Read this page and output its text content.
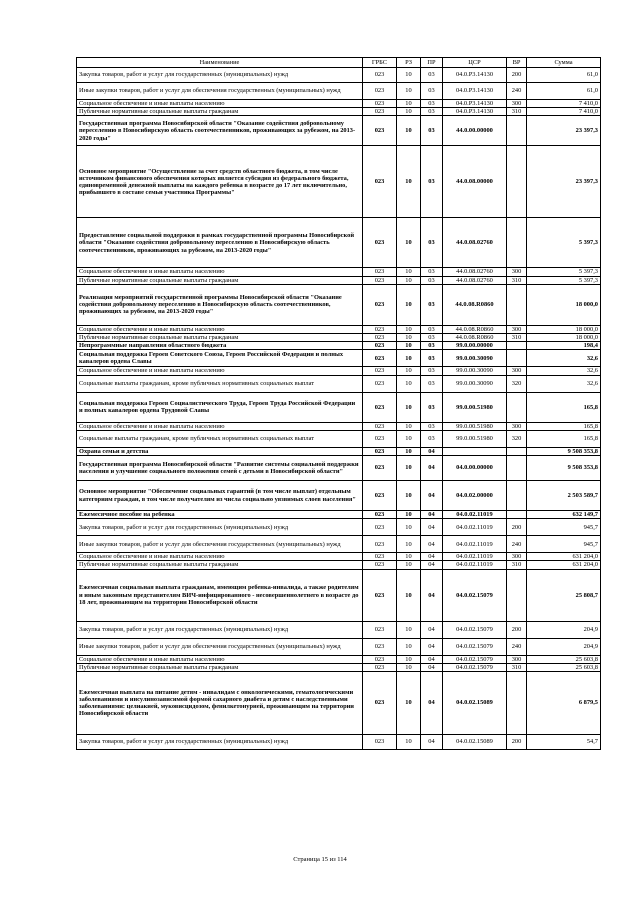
Наименование	ГРБС	РЗ	ПР	ЦСР	ВР	Сумма
Закупка товаров, работ и услуг для государственных (муниципальных) нужд	023	10	03	04.0.P3.14130	200	61,0
Иные закупки товаров, работ и услуг для обеспечения государственных (муниципальных) нужд	023	10	03	04.0.P3.14130	240	61,0
Социальное обеспечение и иные выплаты населению	023	10	03	04.0.P3.14130	300	7 410,0
Публичные нормативные социальные выплаты гражданам	023	10	03	04.0.P3.14130	310	7 410,0
Государственная программа Новосибирской области "Оказание содействия добровольному переселению в Новосибирскую область соотечественников, проживающих за рубежом, на 2013-2020 годы"	023	10	03	44.0.00.00000		23 397,3
Основное мероприятие "Осуществление за счет средств областного бюджета, в том числе источником финансового обеспечения которых является субсидия из федерального бюджета, единовременной денежной выплаты на каждого ребенка в возрасте до 17 лет включительно, прибывшего в составе семьи участника Программы"	023	10	03	44.0.08.00000		23 397,3
Предоставление социальной поддержки в рамках государственной программы Новосибирской области "Оказание содействия добровольному переселению в Новосибирскую область соотечественников, проживающих за рубежом, на 2013-2020 годы"	023	10	03	44.0.08.02760		5 397,3
Социальное обеспечение и иные выплаты населению	023	10	03	44.0.08.02760	300	5 397,3
Публичные нормативные социальные выплаты гражданам	023	10	03	44.0.08.02760	310	5 397,3
Реализация мероприятий государственной программы Новосибирской области "Оказание содействия добровольному переселению в Новосибирскую область соотечественников, проживающих за рубежом, на 2013-2020 годы"	023	10	03	44.0.08.R0860		18 000,0
Социальное обеспечение и иные выплаты населению	023	10	03	44.0.08.R0860	300	18 000,0
Публичные нормативные социальные выплаты гражданам	023	10	03	44.0.08.R0860	310	18 000,0
Непрограммные направления областного бюджета	023	10	03	99.0.00.00000		198,4
Социальная поддержка Героев Советского Союза, Героев Российской Федерации и полных кавалеров ордена Славы	023	10	03	99.0.00.30090		32,6
Социальное обеспечение и иные выплаты населению	023	10	03	99.0.00.30090	300	32,6
Социальные выплаты гражданам, кроме публичных нормативных социальных выплат	023	10	03	99.0.00.30090	320	32,6
Социальная поддержка Героев Социалистического Труда, Героев Труда Российской Федерации и полных кавалеров ордена Трудовой Славы	023	10	03	99.0.00.51980		165,8
Социальное обеспечение и иные выплаты населению	023	10	03	99.0.00.51980	300	165,8
Социальные выплаты гражданам, кроме публичных нормативных социальных выплат	023	10	03	99.0.00.51980	320	165,8
Охрана семьи и детства	023	10	04			9 508 353,8
Государственная программа Новосибирской области "Развитие системы социальной поддержки населения и улучшение социального положения семей с детьми в Новосибирской области"	023	10	04	04.0.00.00000		9 508 353,8
Основное мероприятие "Обеспечение социальных гарантий (в том числе выплат) отдельным категориям граждан, в том числе получателям из числа социально уязвимых слоев населения"	023	10	04	04.0.02.00000		2 503 589,7
Ежемесячное пособие на ребенка	023	10	04	04.0.02.11019		632 149,7
Закупка товаров, работ и услуг для государственных (муниципальных) нужд	023	10	04	04.0.02.11019	200	945,7
Иные закупки товаров, работ и услуг для обеспечения государственных (муниципальных) нужд	023	10	04	04.0.02.11019	240	945,7
Социальное обеспечение и иные выплаты населению	023	10	04	04.0.02.11019	300	631 204,0
Публичные нормативные социальные выплаты гражданам	023	10	04	04.0.02.11019	310	631 204,0
Ежемесячная социальная выплата гражданам, имеющим ребенка-инвалида, а также родителям и иным законным представителям ВИЧ-инфицированного - несовершеннолетнего в возрасте до 18 лет, проживающим на территории Новосибирской области	023	10	04	04.0.02.15079		25 808,7
Закупка товаров, работ и услуг для государственных (муниципальных) нужд	023	10	04	04.0.02.15079	200	204,9
Иные закупки товаров, работ и услуг для обеспечения государственных (муниципальных) нужд	023	10	04	04.0.02.15079	240	204,9
Социальное обеспечение и иные выплаты населению	023	10	04	04.0.02.15079	300	25 603,8
Публичные нормативные социальные выплаты гражданам	023	10	04	04.0.02.15079	310	25 603,8
Ежемесячная выплата на питание детям - инвалидам с онкологическими, гематологическими заболеваниями и инсулинозависимой формой сахарного диабета и детям с наследственными заболеваниями: целиакией, муковисцидозом, фенилкетонурией, проживающим на территории Новосибирской области	023	10	04	04.0.02.15089		6 879,5
Закупка товаров, работ и услуг для государственных (муниципальных) нужд	023	10	04	04.0.02.15089	200	54,7
Страница 15 из 114
